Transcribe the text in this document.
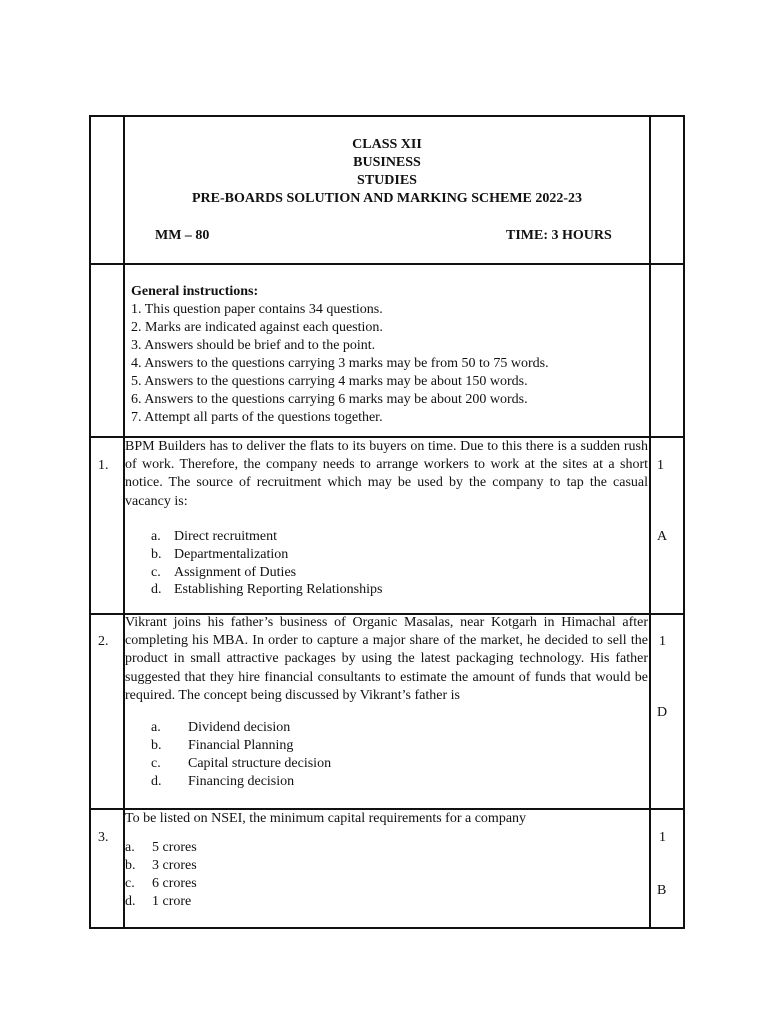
CLASS XII
BUSINESS
STUDIES
PRE-BOARDS SOLUTION AND MARKING SCHEME 2022-23
MM – 80	TIME: 3 HOURS
General instructions:
1. This question paper contains 34 questions.
2. Marks are indicated against each question.
3. Answers should be brief and to the point.
4. Answers to the questions carrying 3 marks may be from 50 to 75 words.
5. Answers to the questions carrying 4 marks may be about 150 words.
6. Answers to the questions carrying 6 marks may be about 200 words.
7. Attempt all parts of the questions together.
1.
BPM Builders has to deliver the flats to its buyers on time. Due to this there is a sudden rush of work. Therefore, the company needs to arrange workers to work at the sites at a short notice. The source of recruitment which may be used by the company to tap the casual vacancy is:
a. Direct recruitment
b. Departmentalization
c. Assignment of Duties
d. Establishing Reporting Relationships
1
A
2.
Vikrant joins his father’s business of Organic Masalas, near Kotgarh in Himachal after completing his MBA. In order to capture a major share of the market, he decided to sell the product in small attractive packages by using the latest packaging technology. His father suggested that they hire financial consultants to estimate the amount of funds that would be required. The concept being discussed by Vikrant’s father is
a. Dividend decision
b. Financial Planning
c. Capital structure decision
d. Financing decision
1
D
3.
To be listed on NSEI, the minimum capital requirements for a company
a. 5 crores
b. 3 crores
c. 6 crores
d. 1 crore
1
B
